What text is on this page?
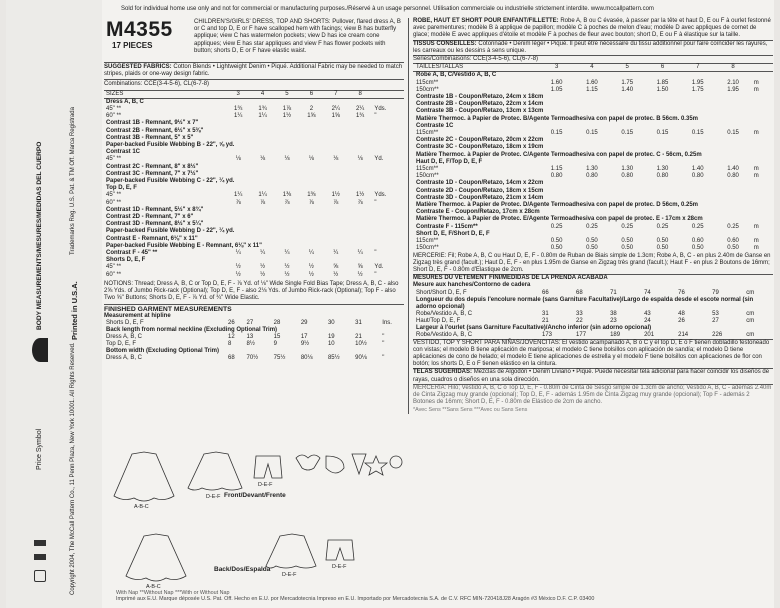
BODY MEASUREMENTS/MESURES/MEDIDAS DEL CUERPO
Price Symbol	Copyright 2004, The McCall Pattern Co., 11 Penn Plaza, New York 10001. All Rights Reserved.
Printed in U.S.A.
Trademarks Reg. U.S. Pat. & TM Off. Marca Registrada
Sold for individual home use only and not for commercial or manufacturing purposes./Réservé à un usage personnel. Utilisation commerciale ou industrielle strictement interdite. www.mccallpattern.com
M4355
17 PIECES
CHILDREN'S/GIRLS' DRESS, TOP AND SHORTS: Pullover, flared dress A, B or C and top D, E or F have scalloped hem with facings; view B has butterfly applique; view C has watermelon pockets; view D has ice cream cone appliques; view E has star appliques and view F has flower pockets with button; shorts D, E or F have elastic waist.
SUGGESTED FABRICS: Cotton Blends • Lightweight Denim • Piqué. Additional Fabric may be needed to match stripes, plaids or one-way design fabric.
Combinations: CCE(3-4-5-6), CL(6-7-8)
SIZES	3	4	5	6	7	8	
Dress A, B, C							
45" **	1¾	1¾	1⅞	2	2¼	2¼	Yds.
60" **	1¼	1¼	1½	1⅝	1⅝	1¾	"
Contrast 1B - Remnant, 9½" x 7"							
Contrast 2B - Remnant, 6½" x 5⅜"							
Contrast 3B - Remnant, 5" x 5"							
Paper-backed Fusible Webbing B - 22", ⅝ yd.							
Contrast 1C							
45" **	⅛	⅛	⅛	⅛	⅛	⅛	Yd.
Contrast 2C - Remnant, 8" x 8½"							
Contrast 3C - Remnant, 7" x 7½"							
Paper-backed Fusible Webbing C - 22", ¼ yd.							
Top D, E, F							
45" **	1¼	1¼	1⅜	1⅜	1½	1½	Yds.
60" **	⅞	⅞	⅞	⅞	⅞	⅞	"
Contrast 1D - Remnant, 5½" x 8¾"							
Contrast 2D - Remnant, 7" x 6"							
Contrast 3D - Remnant, 8½" x 5¼"							
Paper-backed Fusible Webbing D - 22", ¼ yd.							
Contrast E - Remnant, 6⅛" x 11"							
Paper-backed Fusible Webbing E - Remnant, 6⅛" x 11"							
Contrast F - 45" **	¼	¼	¼	¼	¼	¼	"
Shorts D, E, F							
45" **	½	½	½	½	⅝	⅝	Yd.
60" **	½	½	½	½	½	½	"
NOTIONS: Thread; Dress A, B, C or Top D, E, F - ⅞ Yd. of ⅛" Wide Single Fold Bias Tape; Dress A, B, C - also 2⅝ Yds. of Jumbo Rick-rack (Optional); Top D, E, F - also 2⅛ Yds. of Jumbo Rick-rack (Optional); Top F - also Two ⅝" Buttons; Shorts D, E, F - ⅞ Yd. of ¾" Wide Elastic.
FINISHED GARMENT MEASUREMENTS
Measurement at hipline
Shorts D, E, F	26	27	28	29	30	31	Ins.
Back length from normal neckline (Excluding Optional Trim)							
Dress A, B, C	12	13	15	17	19	21	"
Top D, E, F	8	8½	9	9½	10	10½	"
Bottom width (Excluding Optional Trim)							
Dress A, B, C	68	70½	75½	80⅛	85½	90⅛	"
A-B-C
D-E-F
D-E-F
Front/Devant/Frente
A-B-C
D-E-F
D-E-F
Back/Dos/Espalda
With Nap **Without Nap ***With or Without Nap
ROBE, HAUT ET SHORT POUR ENFANT/FILLETTE: Robe A, B ou C évasée, à passer par la tête et haut D, E ou F à ourlet festonné avec parementures; modèle B à applique de papillon; modèle C à poches de melon d'eau; modèle D avec appliques de cornet de glace; modèle E avec appliques d'étoile et modèle F à poches de fleur avec bouton; short D, E ou F à élastique sur la taille.
TISSUS CONSEILLES: Cotonnade • Denim léger • Piqué. Il peut être nécessaire du tissu additionnel pour faire coïncider les rayures, les carreaux ou les dessins à sens unique.
Séries/Combinaisons: CCE(3-4-5-6), CL(6-7-8)
TAILLES/TALLAS	3	4	5	6	7	8	
Robe A, B, C/Vestido A, B, C							
115cm**	1.60	1.60	1.75	1.85	1.95	2.10	m
150cm**	1.05	1.15	1.40	1.50	1.75	1.95	m
Contraste 1B - Coupon/Retazo, 24cm x 18cm							
Contraste 2B - Coupon/Retazo, 22cm x 14cm							
Contraste 3B - Coupon/Retazo, 13cm x 13cm							
Matière Thermoc. à Papier de Protec. B/Agente Termoadhesiva con papel de protec. B 56cm. 0.35m							
Contraste 1C							
115cm**	0.15	0.15	0.15	0.15	0.15	0.15	m
Contraste 2C - Coupon/Retazo, 20cm x 22cm							
Contraste 3C - Coupon/Retazo, 18cm x 19cm							
Matière Thermoc. à Papier de Protec. C/Agente Termoadhesiva con papel de protec. C - 56cm, 0.25m							
Haut D, E, F/Top D, E, F							
115cm**	1.15	1.30	1.30	1.30	1.40	1.40	m
150cm**	0.80	0.80	0.80	0.80	0.80	0.80	m
Contraste 1D - Coupon/Retazo, 14cm x 22cm							
Contraste 2D - Coupon/Retazo, 18cm x 15cm							
Contraste 3D - Coupon/Retazo, 21cm x 14cm							
Matière Thermoc. à Papier de Protec. D/Agente Termoadhesiva con papel de protec. D 56cm, 0.25m							
Contraste E - Coupon/Retazo, 17cm x 28cm							
Matière Thermoc. à Papier de Protec. E/Agente Termoadhesiva con papel de protec. E - 17cm x 28cm							
Contraste F - 115cm**	0.25	0.25	0.25	0.25	0.25	0.25	m
Short D, E, F/Short D, E, F							
115cm**	0.50	0.50	0.50	0.50	0.60	0.60	m
150cm**	0.50	0.50	0.50	0.50	0.50	0.50	m
MERCERIE: Fil; Robe A, B, C ou Haut D, E, F - 0.80m de Ruban de Biais simple de 1.3cm; Robe A, B, C - en plus 2.40m de Ganse en Zigzag très grand (facult.); Haut D, E, F - en plus 1.95m de Ganse en Zigzag très grand (facult.); Haut F - en plus 2 Boutons de 16mm; Short D, E, F - 0.80m d'Elastique de 2cm.
MESURES DU VETEMENT FINI/MEDIDAS DE LA PRENDA ACABADA
Mesure aux hanches/Contorno de cadera
Short/Short D, E, F	66	68	71	74	76	79	cm
Longueur du dos depuis l'encolure normale (sans Garniture Facultative)/Largo de espalda desde el escote normal (sin adorno opcional)							
Robe/Vestido A, B, C	31	33	38	43	48	53	cm
Haut/Top D, E, F	21	22	23	24	26	27	cm
Largeur à l'ourlet (sans Garniture Facultative)/Ancho inferior (sin adorno opcional)							
Robe/Vestido A, B, C	173	177	189	201	214	226	cm
VESTIDO, TOP Y SHORT PARA NIÑAS/JOVENCITAS: El vestido acampanado A, B o C y el top D, E o F tienen dobladillo festoneado con vistas; el modelo B tiene aplicación de mariposa; el modelo C tiene bolsillos con aplicación de sandía; el modelo D tiene aplicaciones de cono de helado; el modelo E tiene aplicaciones de estrella y el modelo F tiene bolsillos con aplicaciones de flor con botón; los shorts D, E o F tienen elástico en la cintura.
TELAS SUGERIDAS: Mezclas de Algodón • Denim Liviano • Piqué. Puede necesitar tela adicional para hacer coincidir los diseños de rayas, cuadros o diseños en una sola dirección.
MERCERIA: Hilo; Vestido A, B, C o Top D, E, F - 0.80m de Cinta de Sesgo simple de 1.3cm de ancho; Vestido A, B, C - además 2.40m de Cinta Zigzag muy grande (opcional); Top D, E, F - además 1.95m de Cinta Zigzag muy grande (opcional); Top F - además 2 Botones de 16mm; Short D, E, F - 0.80m de Elástico de 2cm de ancho.
*Avec Sens **Sans Sens ***Avec ou Sans Sens
Imprimé aux E.U. Marque déposée U.S. Pat. Off. Hecho en E.U. por Mercadotecnia Impreso en E.U. Importado por Mercadotecnia S.A. de C.V. RFC MIN-720418J28 Aragón #3 México D.F. C.P. 03400
